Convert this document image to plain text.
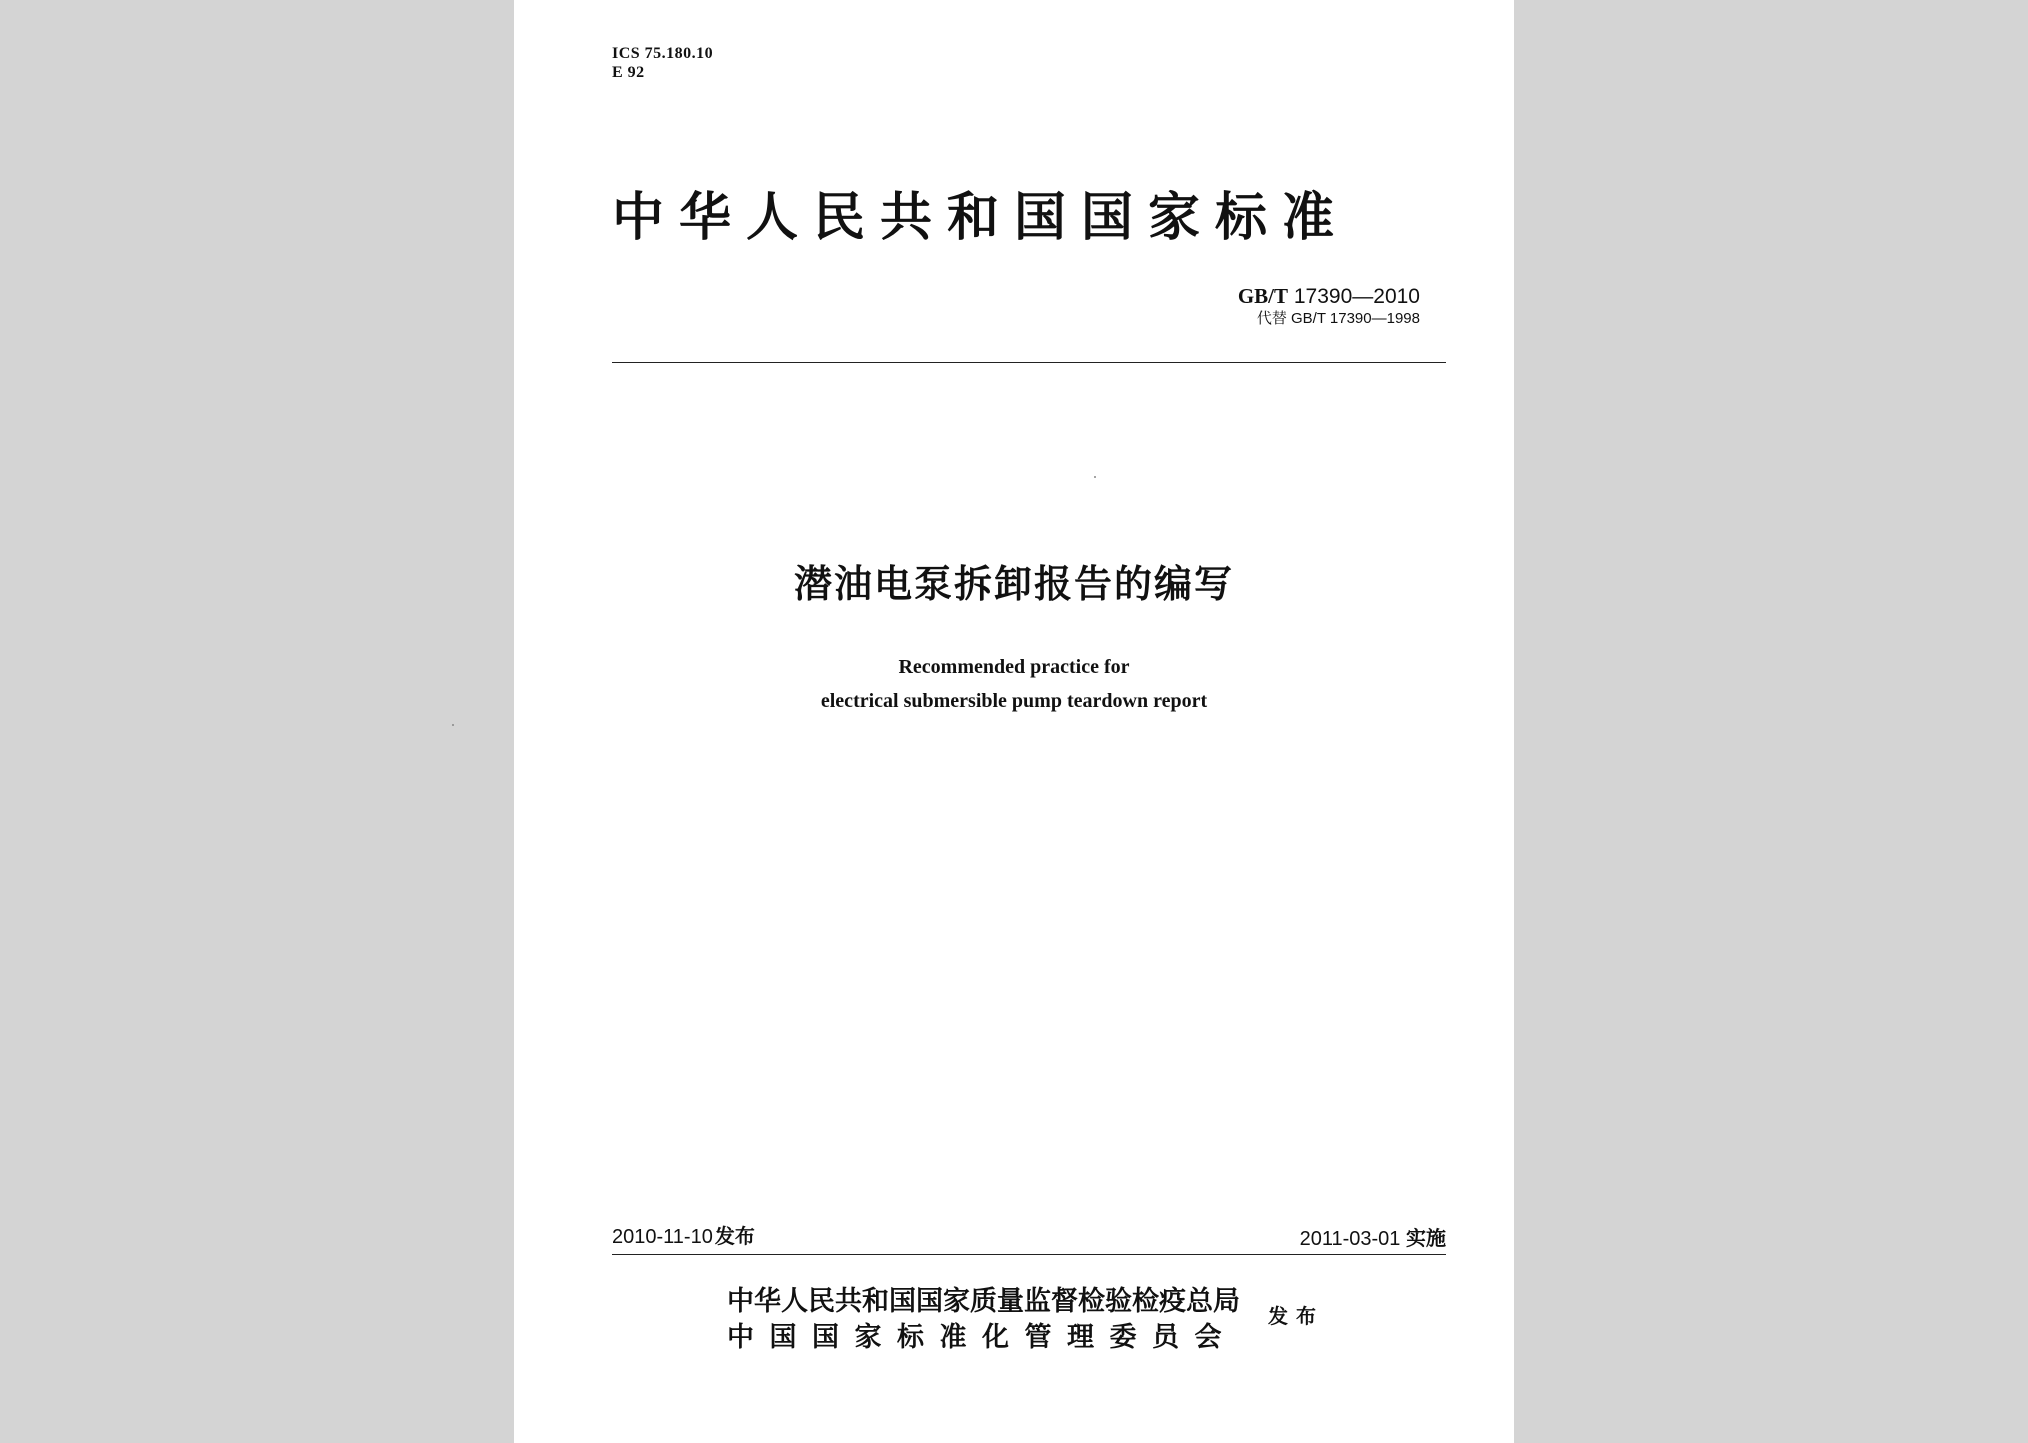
ICS 75.180.10
E 92
中华人民共和国国家标准
GB/T 17390—2010
代替 GB/T 17390—1998
潜油电泵拆卸报告的编写
Recommended practice for
electrical submersible pump teardown report
2010-11-10 发布	2011-03-01 实施
中华人民共和国国家质量监督检验检疫总局
中国国家标准化管理委员会
发布
